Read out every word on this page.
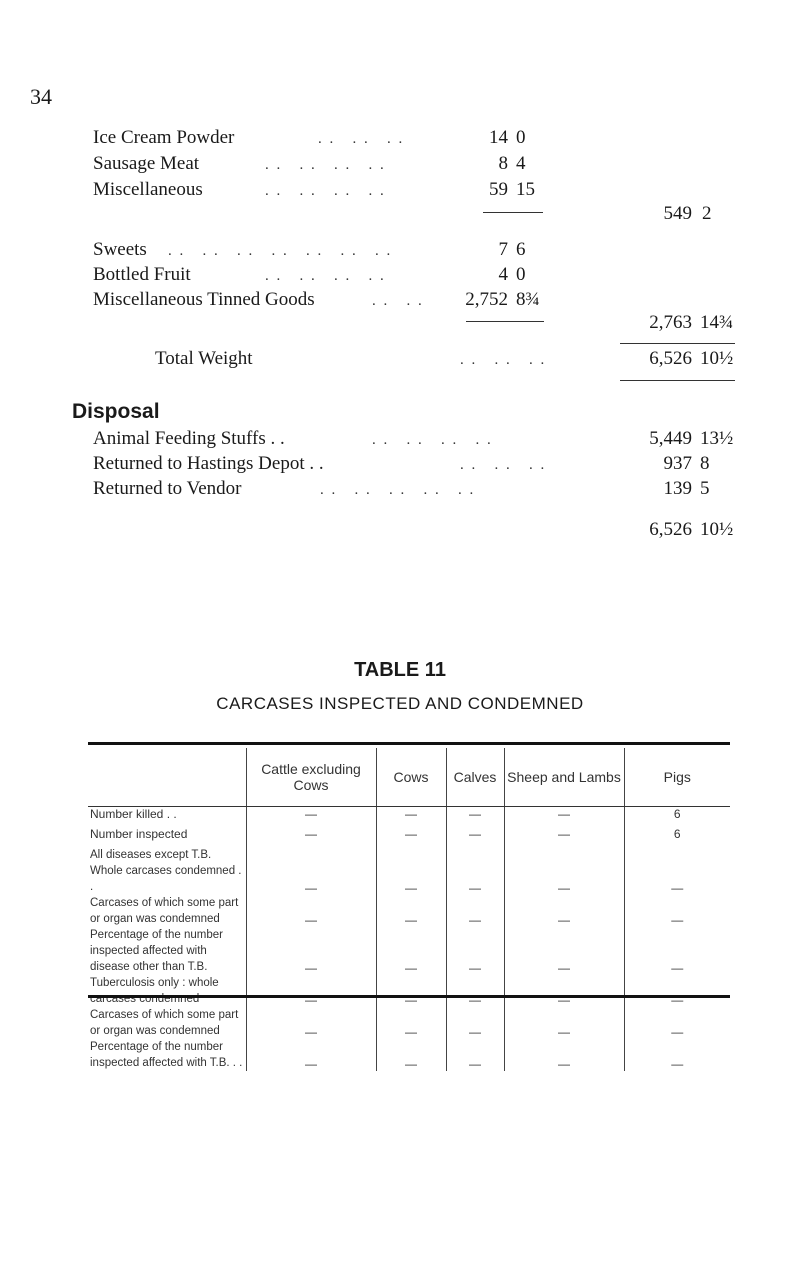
34
Ice Cream Powder	. .   . .   . .	14 0
Sausage Meat	. .   . .   . .   . .	8 4
Miscellaneous	. .   . .   . .   . .	59 15
549 2
Sweets . .   . .   . .   . .   . .   . .   . .	7 6
Bottled Fruit	. .   . .   . .   . .	4 0
Miscellaneous Tinned Goods	. .   . .	2,752 8¾
2,763 14¾
Total Weight	. .   . .   . .	6,526 10½
Disposal
Animal Feeding Stuffs . .	. .   . .   . .   . .	5,449 13½
Returned to Hastings Depot . .	. .   . .   . .	937 8
Returned to Vendor	. .   . .   . .   . .   . .	139 5
6,526 10½
TABLE 11
CARCASES INSPECTED AND CONDEMNED
	Cattle excluding Cows	Cows	Calves	Sheep and Lambs	Pigs
Number killed . .	—	—	—	—	6
Number inspected	—	—	—	—	6
All diseases except T.B. Whole carcases condemned . .	—	—	—	—	—
Carcases of which some part or organ was condemned	—	—	—	—	—
Percentage of the number inspected affected with disease other than T.B.	—	—	—	—	—
Tuberculosis only : whole carcases condemned	—	—	—	—	—
Carcases of which some part or organ was condemned	—	—	—	—	—
Percentage of the number inspected affected with T.B. . .	—	—	—	—	—
